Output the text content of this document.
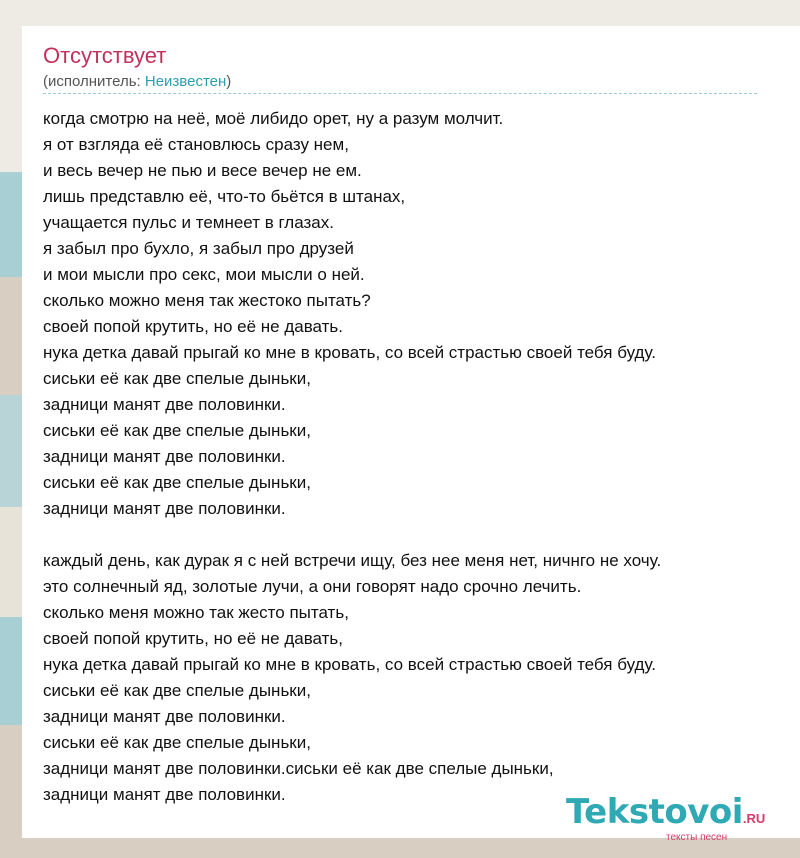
Отсутствует
(исполнитель: Неизвестен)
когда смотрю на неё, моё либидо орет, ну а разум молчит.
я от взгляда её становлюсь сразу нем,
и весь вечер не пью и весе вечер не ем.
лишь представлю её, что-то бьётся в штанах,
учащается пульс и темнеет в глазах.
я забыл про бухло, я забыл про друзей
и мои мысли про секс, мои мысли о ней.
сколько можно меня так жестоко пытать?
своей попой крутить, но её не давать.
нука детка давай прыгай ко мне в кровать, со всей страстью своей тебя буду.
сиськи её как две спелые дыньки,
задници манят две половинки.
сиськи её как две спелые дыньки,
задници манят две половинки.
сиськи её как две спелые дыньки,
задници манят две половинки.
каждый день, как дурак я с ней встречи ищу, без нее меня нет, ничнго не хочу.
это солнечный яд, золотые лучи, а они говорят надо срочно лечить.
сколько меня можно так жесто пытать,
своей попой крутить, но её не давать,
нука детка давай прыгай ко мне в кровать, со всей страстью своей тебя буду.
сиськи её как две спелые дыньки,
задници манят две половинки.
сиськи её как две спелые дыньки,
задници манят две половинки.сиськи её как две спелые дыньки,
задници манят две половинки.	Tekstovoi.RU
тексты песен
